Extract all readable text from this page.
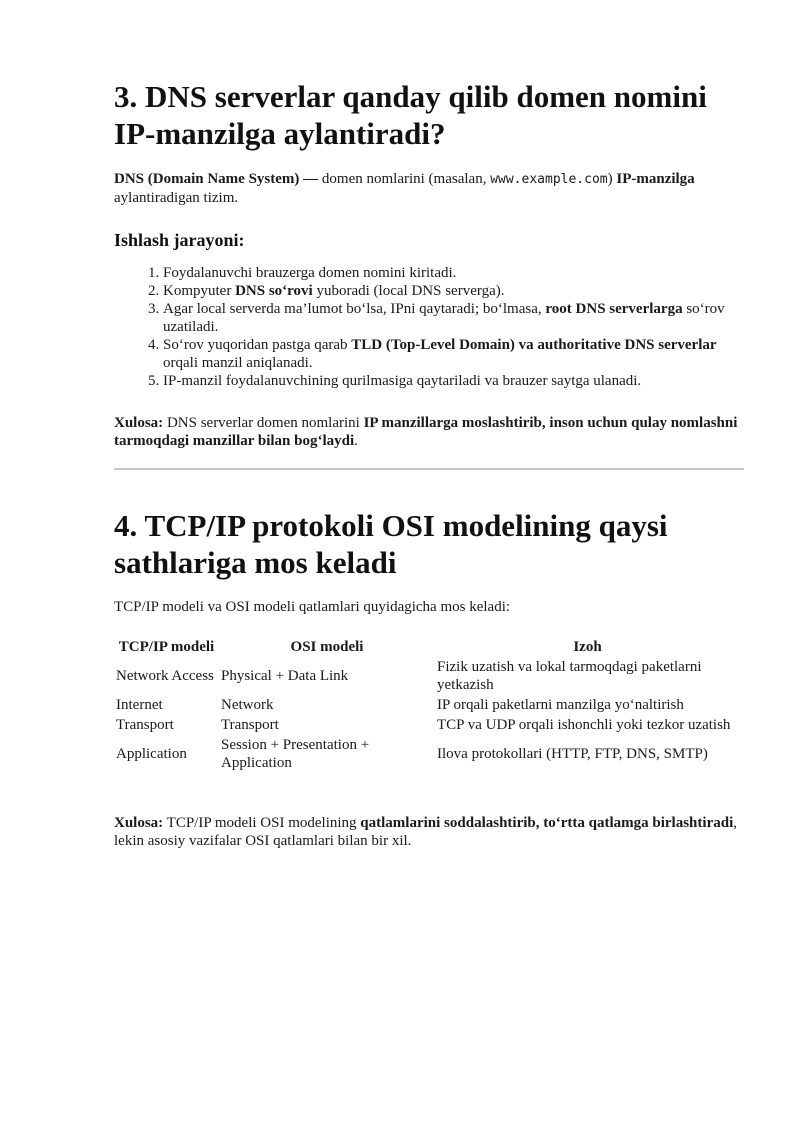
3. DNS serverlar qanday qilib domen nomini IP-manzilga aylantiradi?

DNS (Domain Name System) — domen nomlarini (masalan, www.example.com) IP-manzilga aylantiradigan tizim.

Ishlash jarayoni:
1. Foydalanuvchi brauzerga domen nomini kiritadi.
2. Kompyuter DNS so‘rovi yuboradi (local DNS serverga).
3. Agar local serverda ma’lumot bo‘lsa, IPni qaytaradi; bo‘lmasa, root DNS serverlarga so‘rov uzatiladi.
4. So‘rov yuqoridan pastga qarab TLD (Top-Level Domain) va authoritative DNS serverlar orqali manzil aniqlanadi.
5. IP-manzil foydalanuvchining qurilmasiga qaytariladi va brauzer saytga ulanadi.

Xulosa: DNS serverlar domen nomlarini IP manzillarga moslashtirib, inson uchun qulay nomlashni tarmoqdagi manzillar bilan bog‘laydi.

4. TCP/IP protokoli OSI modelining qaysi sathlariga mos keladi

TCP/IP modeli va OSI modeli qatlamlari quyidagicha mos keladi:

TCP/IP modeli	OSI modeli	Izoh
Network Access	Physical + Data Link	Fizik uzatish va lokal tarmoqdagi paketlarni yetkazish
Internet	Network	IP orqali paketlarni manzilga yo‘naltirish
Transport	Transport	TCP va UDP orqali ishonchli yoki tezkor uzatish
Application	Session + Presentation + Application	Ilova protokollari (HTTP, FTP, DNS, SMTP)

Xulosa: TCP/IP modeli OSI modelining qatlamlarini soddalashtirib, to‘rtta qatlamga birlashtiradi, lekin asosiy vazifalar OSI qatlamlari bilan bir xil.
